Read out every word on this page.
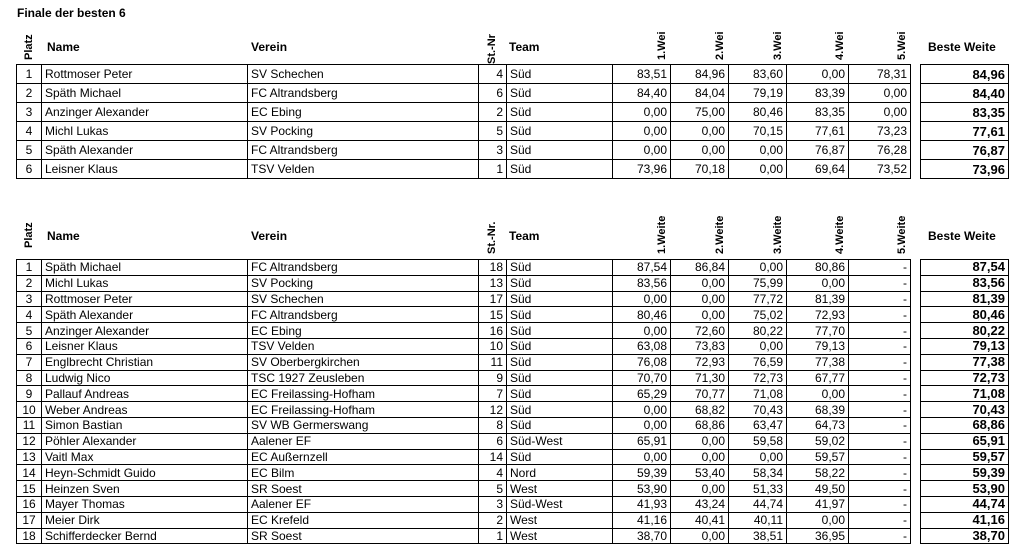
Finale der besten 6
Platz Name	Verein	St.-Nr Team	1.Wei	2.Wei	3.Wei	4.Wei	5.Wei Beste Weite
1	Rottmoser Peter	SV Schechen	4	Süd	83,51	84,96	83,60	0,00	78,31		84,96
2	Späth Michael	FC Altrandsberg	6	Süd	84,40	84,04	79,19	83,39	0,00		84,40
3	Anzinger Alexander	EC Ebing	2	Süd	0,00	75,00	80,46	83,35	0,00		83,35
4	Michl Lukas	SV Pocking	5	Süd	0,00	0,00	70,15	77,61	73,23		77,61
5	Späth Alexander	FC Altrandsberg	3	Süd	0,00	0,00	0,00	76,87	76,28		76,87
6	Leisner Klaus	TSV Velden	1	Süd	73,96	70,18	0,00	69,64	73,52		73,96
Platz Name	Verein	St.-Nr. Team	1.Weite	2.Weite	3.Weite	4.Weite	5.Weite Beste Weite
1	Späth Michael	FC Altrandsberg	18	Süd	87,54	86,84	0,00	80,86	-		87,54
2	Michl Lukas	SV Pocking	13	Süd	83,56	0,00	75,99	0,00	-		83,56
3	Rottmoser Peter	SV Schechen	17	Süd	0,00	0,00	77,72	81,39	-		81,39
4	Späth Alexander	FC Altrandsberg	15	Süd	80,46	0,00	75,02	72,93	-		80,46
5	Anzinger Alexander	EC Ebing	16	Süd	0,00	72,60	80,22	77,70	-		80,22
6	Leisner Klaus	TSV Velden	10	Süd	63,08	73,83	0,00	79,13	-		79,13
7	Englbrecht Christian	SV Oberbergkirchen	11	Süd	76,08	72,93	76,59	77,38	-		77,38
8	Ludwig Nico	TSC 1927 Zeusleben	9	Süd	70,70	71,30	72,73	67,77	-		72,73
9	Pallauf Andreas	EC Freilassing-Hofham	7	Süd	65,29	70,77	71,08	0,00	-		71,08
10	Weber Andreas	EC Freilassing-Hofham	12	Süd	0,00	68,82	70,43	68,39	-		70,43
11	Simon Bastian	SV WB Germerswang	8	Süd	0,00	68,86	63,47	64,73	-		68,86
12	Pöhler Alexander	Aalener EF	6	Süd-West	65,91	0,00	59,58	59,02	-		65,91
13	Vaitl Max	EC Außernzell	14	Süd	0,00	0,00	0,00	59,57	-		59,57
14	Heyn-Schmidt Guido	EC Bilm	4	Nord	59,39	53,40	58,34	58,22	-		59,39
15	Heinzen Sven	SR Soest	5	West	53,90	0,00	51,33	49,50	-		53,90
16	Mayer Thomas	Aalener EF	3	Süd-West	41,93	43,24	44,74	41,97	-		44,74
17	Meier Dirk	EC Krefeld	2	West	41,16	40,41	40,11	0,00	-		41,16
18	Schifferdecker Bernd	SR Soest	1	West	38,70	0,00	38,51	36,95	-		38,70
